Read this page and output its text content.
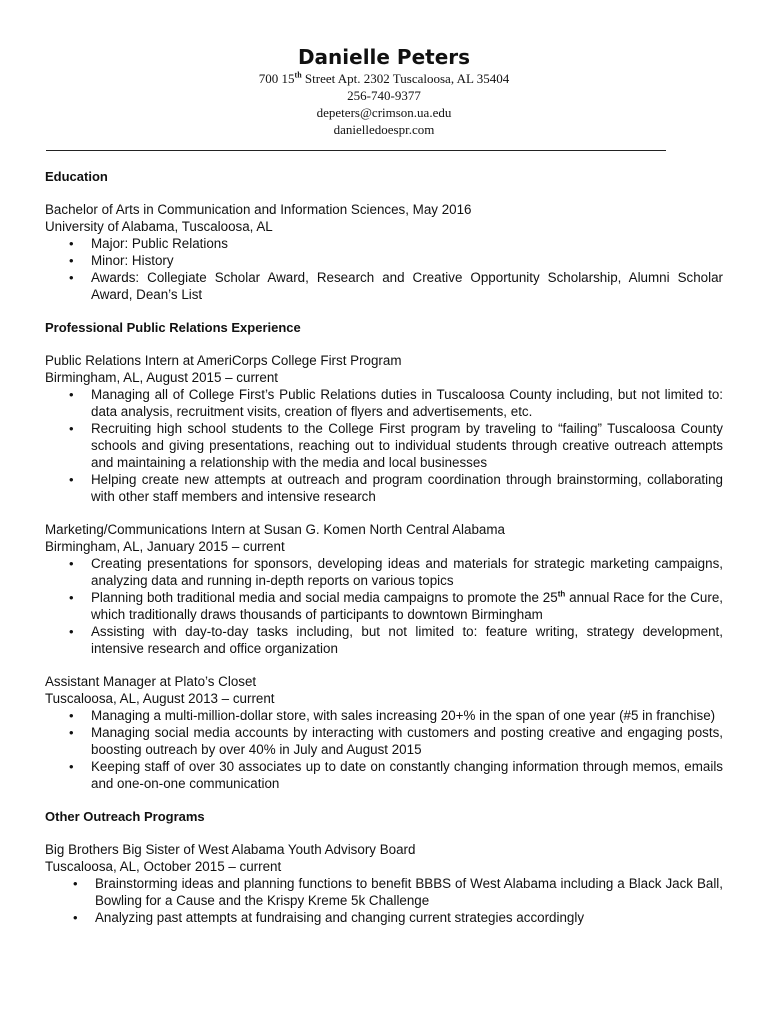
Danielle Peters
700 15th Street Apt. 2302 Tuscaloosa, AL 35404
256-740-9377
depeters@crimson.ua.edu
danielledoespr.com
Education
Bachelor of Arts in Communication and Information Sciences, May 2016
University of Alabama, Tuscaloosa, AL
• Major: Public Relations
• Minor: History
• Awards: Collegiate Scholar Award, Research and Creative Opportunity Scholarship, Alumni Scholar Award, Dean’s List
Professional Public Relations Experience
Public Relations Intern at AmeriCorps College First Program
Birmingham, AL, August 2015 – current
• Managing all of College First’s Public Relations duties in Tuscaloosa County including, but not limited to: data analysis, recruitment visits, creation of flyers and advertisements, etc.
• Recruiting high school students to the College First program by traveling to “failing” Tuscaloosa County schools and giving presentations, reaching out to individual students through creative outreach attempts and maintaining a relationship with the media and local businesses
• Helping create new attempts at outreach and program coordination through brainstorming, collaborating with other staff members and intensive research
Marketing/Communications Intern at Susan G. Komen North Central Alabama
Birmingham, AL, January 2015 – current
• Creating presentations for sponsors, developing ideas and materials for strategic marketing campaigns, analyzing data and running in-depth reports on various topics
• Planning both traditional media and social media campaigns to promote the 25th annual Race for the Cure, which traditionally draws thousands of participants to downtown Birmingham
• Assisting with day-to-day tasks including, but not limited to: feature writing, strategy development, intensive research and office organization
Assistant Manager at Plato’s Closet
Tuscaloosa, AL, August 2013 – current
• Managing a multi-million-dollar store, with sales increasing 20+% in the span of one year (#5 in franchise)
• Managing social media accounts by interacting with customers and posting creative and engaging posts, boosting outreach by over 40% in July and August 2015
• Keeping staff of over 30 associates up to date on constantly changing information through memos, emails and one-on-one communication
Other Outreach Programs
Big Brothers Big Sister of West Alabama Youth Advisory Board
Tuscaloosa, AL, October 2015 – current
• Brainstorming ideas and planning functions to benefit BBBS of West Alabama including a Black Jack Ball, Bowling for a Cause and the Krispy Kreme 5k Challenge
• Analyzing past attempts at fundraising and changing current strategies accordingly
